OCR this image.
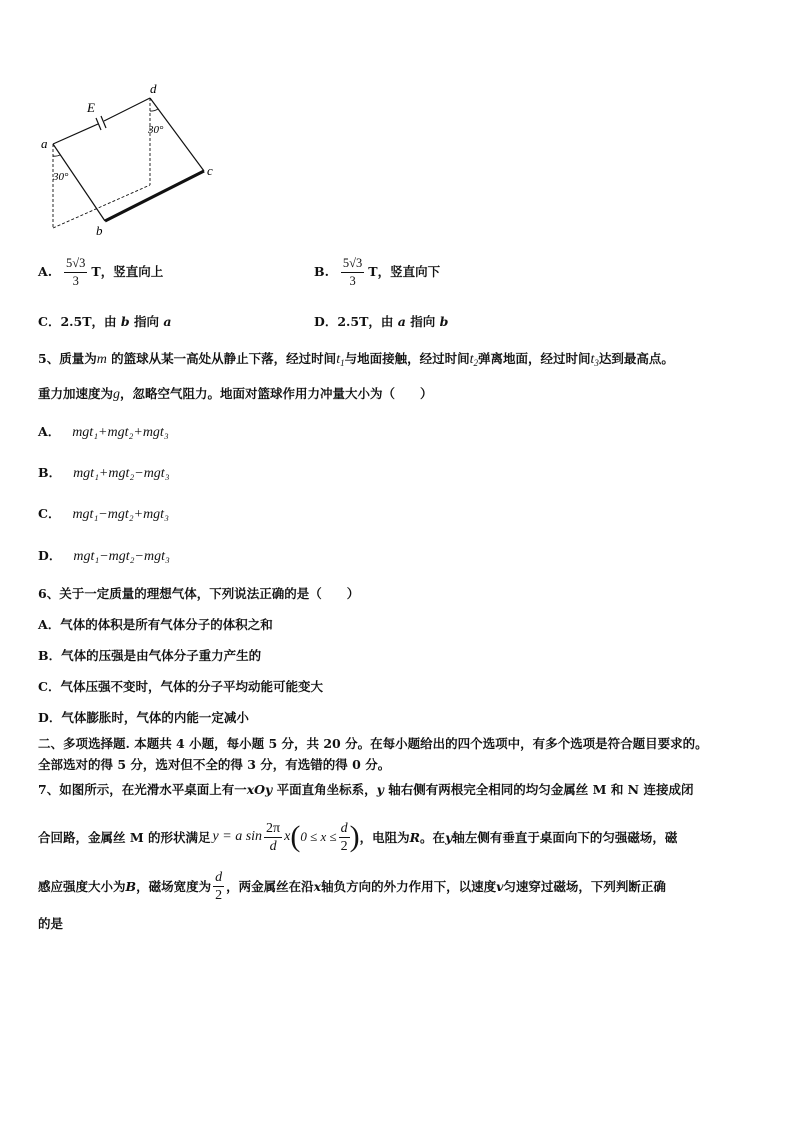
a
b
c
d
E
30°
30°
A. $\frac{5√3}{3}$ T，竖直向上	B. $\frac{5√3}{3}$ T，竖直向下
C．2.5T，由 b 指向 a	D．2.5T，由 a 指向 b
5、质量为m 的篮球从某一高处从静止下落，经过时间$t_1$与地面接触，经过时间$t_2$弹离地面，经过时间$t_3$达到最高点。
重力加速度为g，忽略空气阻力。地面对篮球作用力冲量大小为（　　）
A． mgt₁+mgt₂+mgt₃
B． mgt₁+mgt₂−mgt₃
C． mgt₁−mgt₂+mgt₃
D． mgt₁−mgt₂−mgt₃
6、关于一定质量的理想气体，下列说法正确的是（　　）
A．气体的体积是所有气体分子的体积之和
B．气体的压强是由气体分子重力产生的
C．气体压强不变时，气体的分子平均动能可能变大
D．气体膨胀时，气体的内能一定减小
二、多项选择题. 本题共 4 小题，每小题 5 分，共 20 分。在每小题给出的四个选项中，有多个选项是符合题目要求的。
全部选对的得 5 分，选对但不全的得 3 分，有选错的得 0 分。
7、如图所示，在光滑水平桌面上有一xOy 平面直角坐标系，y 轴右侧有两根完全相同的均匀金属丝 M 和 N 连接成闭
合回路，金属丝 M 的形状满足 y = a $\sin \frac{2\pi}{d}$ x ( $0 \le x \le \frac{d}{2}$ ) ，电阻为 R 。在 y 轴左侧有垂直于桌面向下的匀强磁场，磁
感应强度大小为 B ，磁场宽度为 $\frac{d}{2}$ ，两金属丝在沿 x 轴负方向的外力作用下，以速度 v 匀速穿过磁场，下列判断正确
的是
